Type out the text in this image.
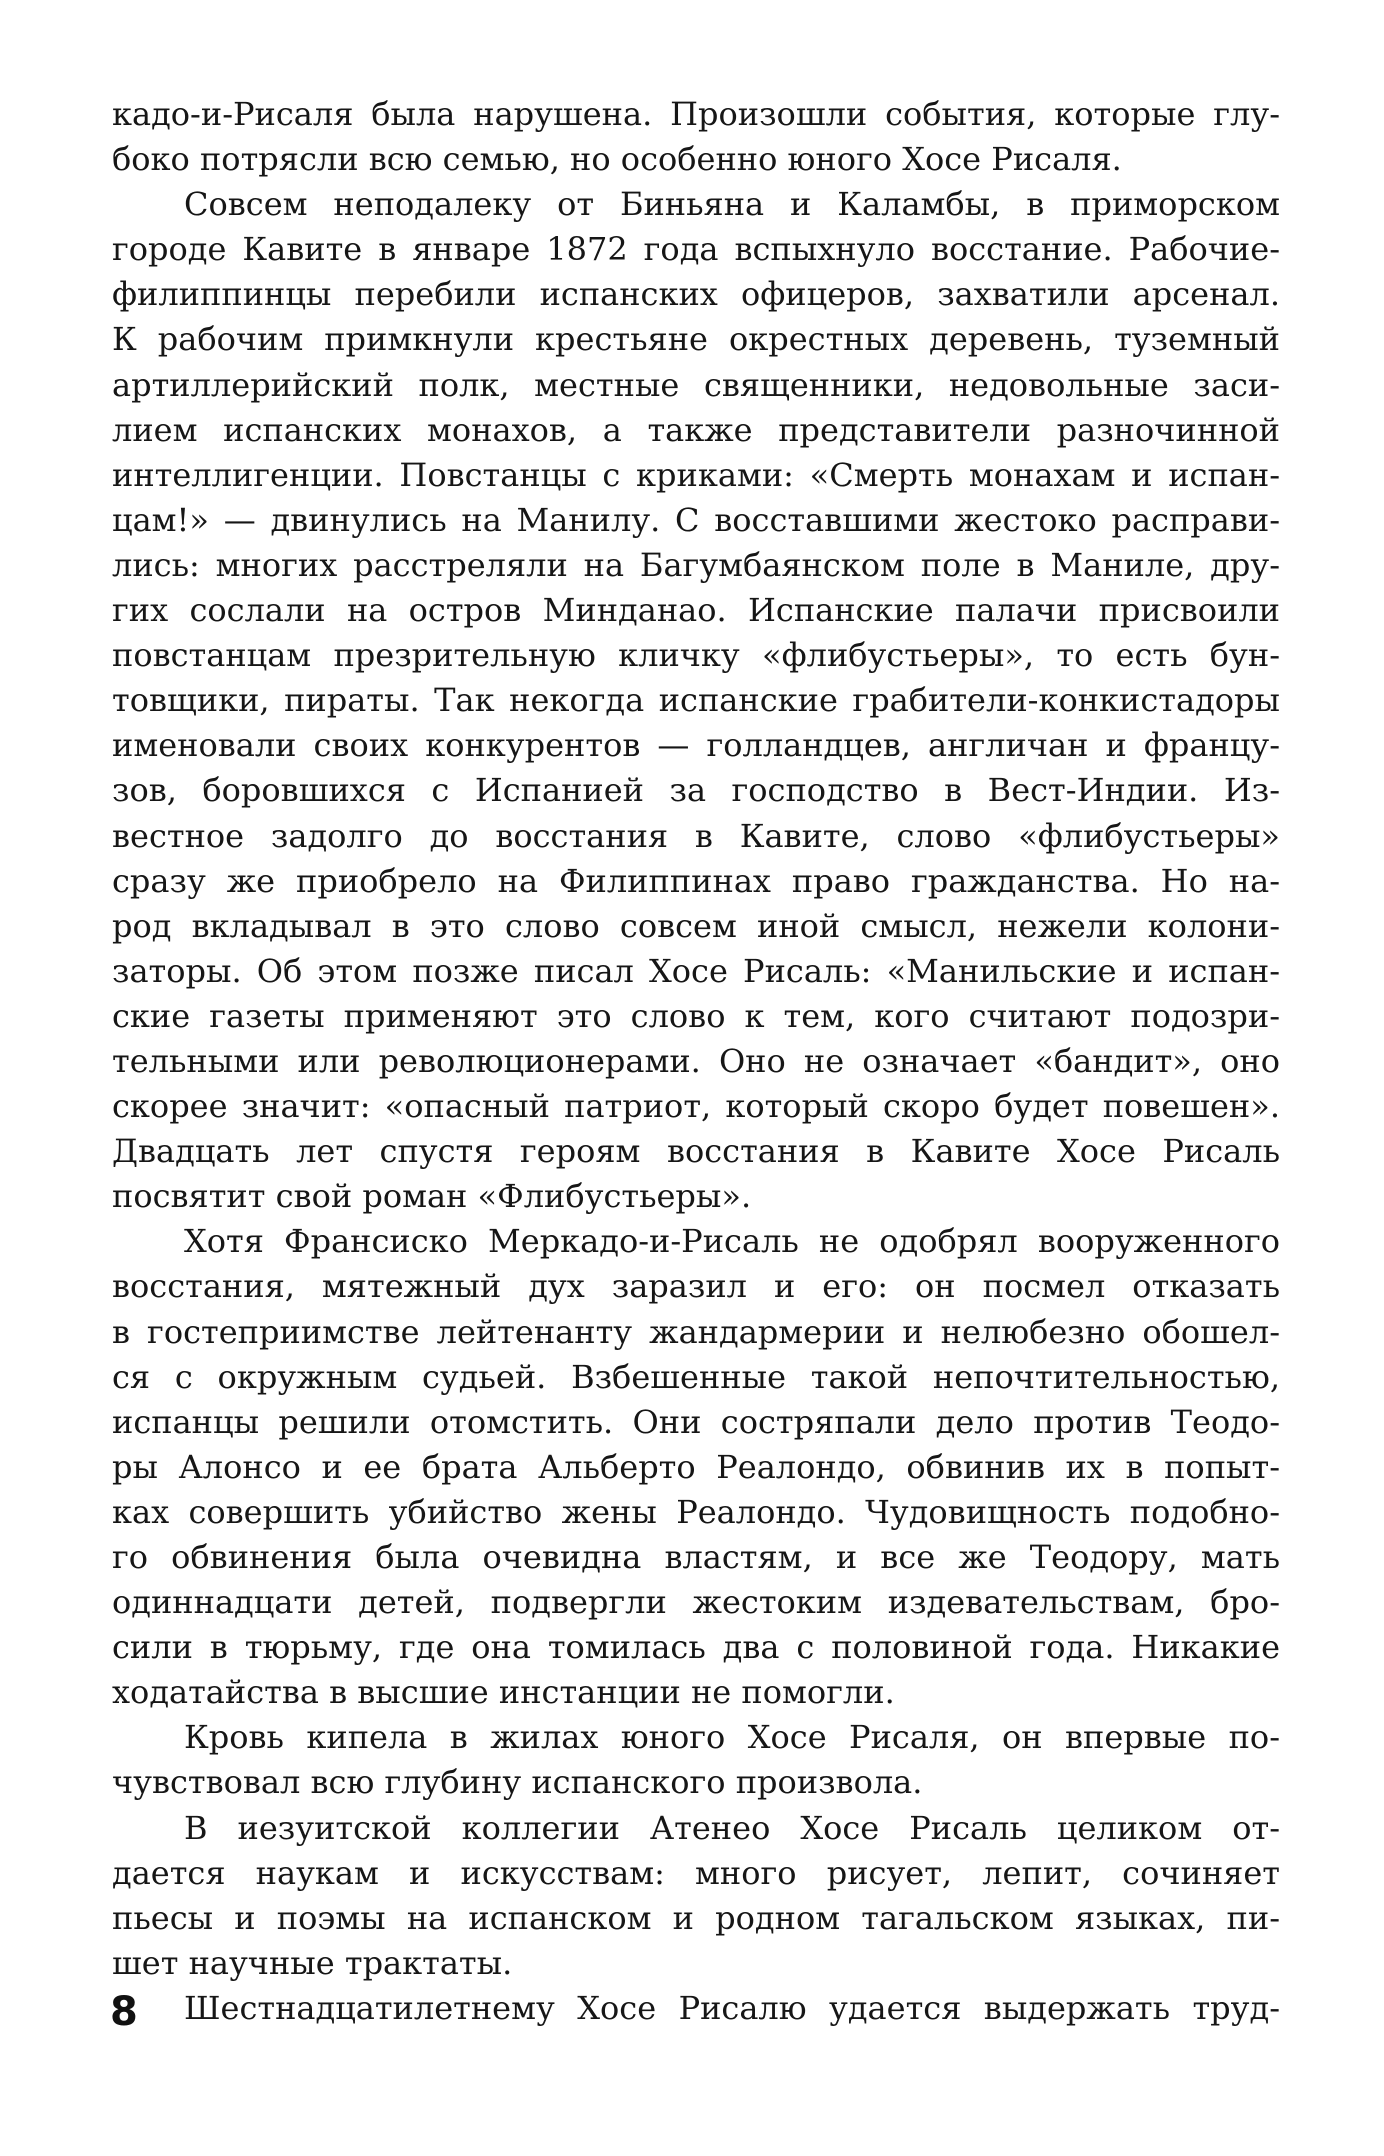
кадо-и-Рисаля была нарушена. Произошли события, которые глу-
боко потрясли всю семью, но особенно юного Хосе Рисаля.
Совсем неподалеку от Биньяна и Каламбы, в приморском
городе Кавите в январе 1872 года вспыхнуло восстание. Рабочие-
филиппинцы перебили испанских офицеров, захватили арсенал.
К рабочим примкнули крестьяне окрестных деревень, туземный
артиллерийский полк, местные священники, недовольные заси-
лием испанских монахов, а также представители разночинной
интеллигенции. Повстанцы с криками: «Смерть монахам и испан-
цам!» — двинулись на Манилу. С восставшими жестоко расправи-
лись: многих расстреляли на Багумбаянском поле в Маниле, дру-
гих сослали на остров Минданао. Испанские палачи присвоили
повстанцам презрительную кличку «флибустьеры», то есть бун-
товщики, пираты. Так некогда испанские грабители-конкистадоры
именовали своих конкурентов — голландцев, англичан и францу-
зов, боровшихся с Испанией за господство в Вест-Индии. Из-
вестное задолго до восстания в Кавите, слово «флибустьеры»
сразу же приобрело на Филиппинах право гражданства. Но на-
род вкладывал в это слово совсем иной смысл, нежели колони-
заторы. Об этом позже писал Хосе Рисаль: «Манильские и испан-
ские газеты применяют это слово к тем, кого считают подозри-
тельными или революционерами. Оно не означает «бандит», оно
скорее значит: «опасный патриот, который скоро будет повешен».
Двадцать лет спустя героям восстания в Кавите Хосе Рисаль
посвятит свой роман «Флибустьеры».
Хотя Франсиско Меркадо-и-Рисаль не одобрял вооруженного
восстания, мятежный дух заразил и его: он посмел отказать
в гостеприимстве лейтенанту жандармерии и нелюбезно обошел-
ся с окружным судьей. Взбешенные такой непочтительностью,
испанцы решили отомстить. Они состряпали дело против Теодо-
ры Алонсо и ее брата Альберто Реалондо, обвинив их в попыт-
ках совершить убийство жены Реалондо. Чудовищность подобно-
го обвинения была очевидна властям, и все же Теодору, мать
одиннадцати детей, подвергли жестоким издевательствам, бро-
сили в тюрьму, где она томилась два с половиной года. Никакие
ходатайства в высшие инстанции не помогли.
Кровь кипела в жилах юного Хосе Рисаля, он впервые по-
чувствовал всю глубину испанского произвола.
В иезуитской коллегии Атенео Хосе Рисаль целиком от-
дается наукам и искусствам: много рисует, лепит, сочиняет
пьесы и поэмы на испанском и родном тагальском языках, пи-
шет научные трактаты.
Шестнадцатилетнему Хосе Рисалю удается выдержать труд-
8
